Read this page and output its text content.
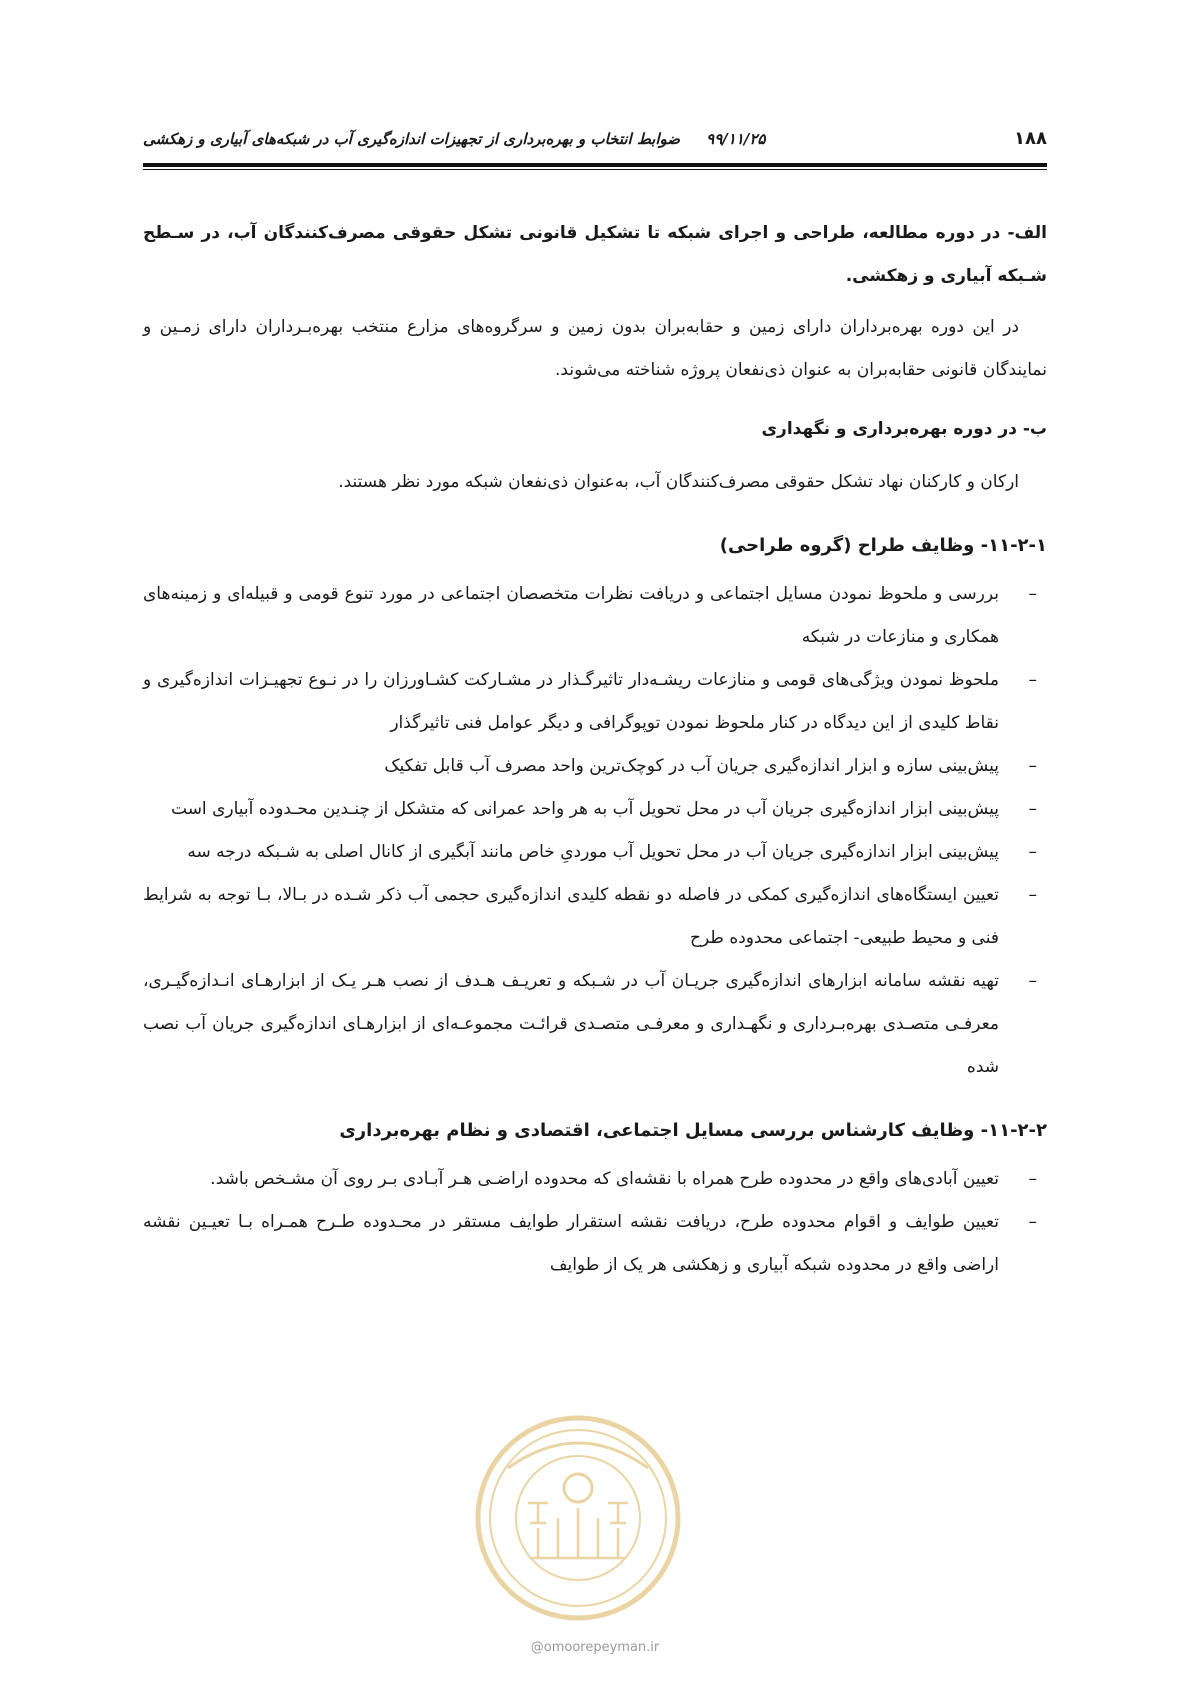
۱۸۸
۹۹/۱۱/۲۵     ضوابط انتخاب و بهره‌برداری از تجهیزات اندازه‌گیری آب در شبکه‌های آبیاری و زهکشی

الف- در دوره مطالعه، طراحی و اجرای شبکه تا تشکیل قانونی تشکل حقوقی مصرف‌کنندگان آب، در سـطح شـبکه آبیاری و زهکشی.

در این دوره بهره‌برداران دارای زمین و حقابه‌بران بدون زمین و سرگروه‌های مزارع منتخب بهره‌بـرداران دارای زمـین و نمایندگان قانونی حقابه‌بران به عنوان ذی‌نفعان پروژه شناخته می‌شوند.

ب- در دوره بهره‌برداری و نگهداری

ارکان و کارکنان نهاد تشکل حقوقی مصرف‌کنندگان آب، به‌عنوان ذی‌نفعان شبکه مورد نظر هستند.

۱۱-۲-۱- وظایف طراح (گروه طراحی)

–
بررسی و ملحوظ نمودن مسایل اجتماعی و دریافت نظرات متخصصان اجتماعی در مورد تنوع قومی و قبیله‌ای و زمینه‌های همکاری و منازعات در شبکه
–
ملحوظ نمودن ویژگی‌های قومی و منازعات ریشـه‌دار تاثیرگـذار در مشـارکت کشـاورزان را در نـوع تجهیـزات اندازه‌گیری و نقاط کلیدی از این دیدگاه در کنار ملحوظ نمودن توپوگرافی و دیگر عوامل فنی تاثیرگذار
–
پیش‌بینی سازه و ابزار اندازه‌گیری جریان آب در کوچک‌ترین واحد مصرف آب قابل تفکیک
–
پیش‌بینی ابزار اندازه‌گیری جریان آب در محل تحویل آب به هر واحد عمرانی که متشکل از چنـدین محـدوده آبیاری است
–
پیش‌بینی ابزار اندازه‌گیری جریان آب در محل تحویل آب موردیِ خاص مانند آبگیری از کانال اصلی به شـبکه درجه سه
–
تعیین ایستگاه‌های اندازه‌گیری کمکی در فاصله دو نقطه کلیدی اندازه‌گیری حجمی آب ذکر شـده در بـالا، بـا توجه به شرایط فنی و محیط طبیعی- اجتماعی محدوده طرح
–
تهیه نقشه سامانه ابزارهای اندازه‌گیری جریـان آب در شـبکه و تعریـف هـدف از نصب هـر یـک از ابزارهـای انـدازه‌گیـری، معرفـی متصـدی بهره‌بـرداری و نگهـداری و معرفـی متصـدی قرائـت مجموعـه‌ای از ابزارهـای اندازه‌گیری جریان آب نصب شده

۱۱-۲-۲- وظایف کارشناس بررسی مسایل اجتماعی، اقتصادی و نظام بهره‌برداری

–
تعیین آبادی‌های واقع در محدوده طرح همراه با نقشه‌ای که محدوده اراضـی هـر آبـادی بـر روی آن مشـخص باشد.
–
تعیین طوایف و اقوام محدوده طرح، دریافت نقشه استقرار طوایف مستقر در محـدوده طـرح همـراه بـا تعیـین نقشه اراضی واقع در محدوده شبکه آبیاری و زهکشی هر یک از طوایف
@omoorepeyman.ir
